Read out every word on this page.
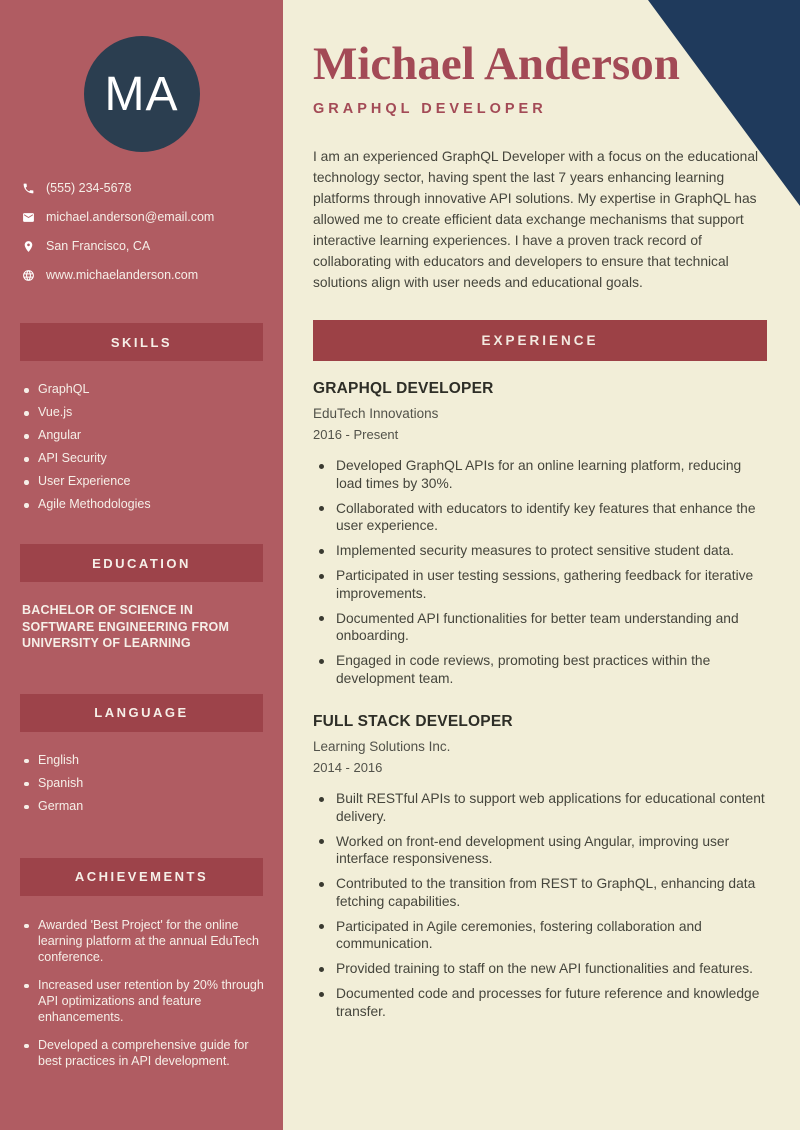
MA
(555) 234-5678
michael.anderson@email.com
San Francisco, CA
www.michaelanderson.com
SKILLS
GraphQL
Vue.js
Angular
API Security
User Experience
Agile Methodologies
EDUCATION

BACHELOR OF SCIENCE IN SOFTWARE ENGINEERING FROM UNIVERSITY OF LEARNING

LANGUAGE
English
Spanish
German
ACHIEVEMENTS
Awarded 'Best Project' for the online learning platform at the annual EduTech conference.
Increased user retention by 20% through API optimizations and feature enhancements.
Developed a comprehensive guide for best practices in API development.
Michael Anderson
GRAPHQL DEVELOPER

I am an experienced GraphQL Developer with a focus on the educational technology sector, having spent the last 7 years enhancing learning platforms through innovative API solutions. My expertise in GraphQL has allowed me to create efficient data exchange mechanisms that support interactive learning experiences. I have a proven track record of collaborating with educators and developers to ensure that technical solutions align with user needs and educational goals.

EXPERIENCE
GRAPHQL DEVELOPER
EduTech Innovations
2016 - Present
Developed GraphQL APIs for an online learning platform, reducing load times by 30%.
Collaborated with educators to identify key features that enhance the user experience.
Implemented security measures to protect sensitive student data.
Participated in user testing sessions, gathering feedback for iterative improvements.
Documented API functionalities for better team understanding and onboarding.
Engaged in code reviews, promoting best practices within the development team.
FULL STACK DEVELOPER
Learning Solutions Inc.
2014 - 2016
Built RESTful APIs to support web applications for educational content delivery.
Worked on front-end development using Angular, improving user interface responsiveness.
Contributed to the transition from REST to GraphQL, enhancing data fetching capabilities.
Participated in Agile ceremonies, fostering collaboration and communication.
Provided training to staff on the new API functionalities and features.
Documented code and processes for future reference and knowledge transfer.
